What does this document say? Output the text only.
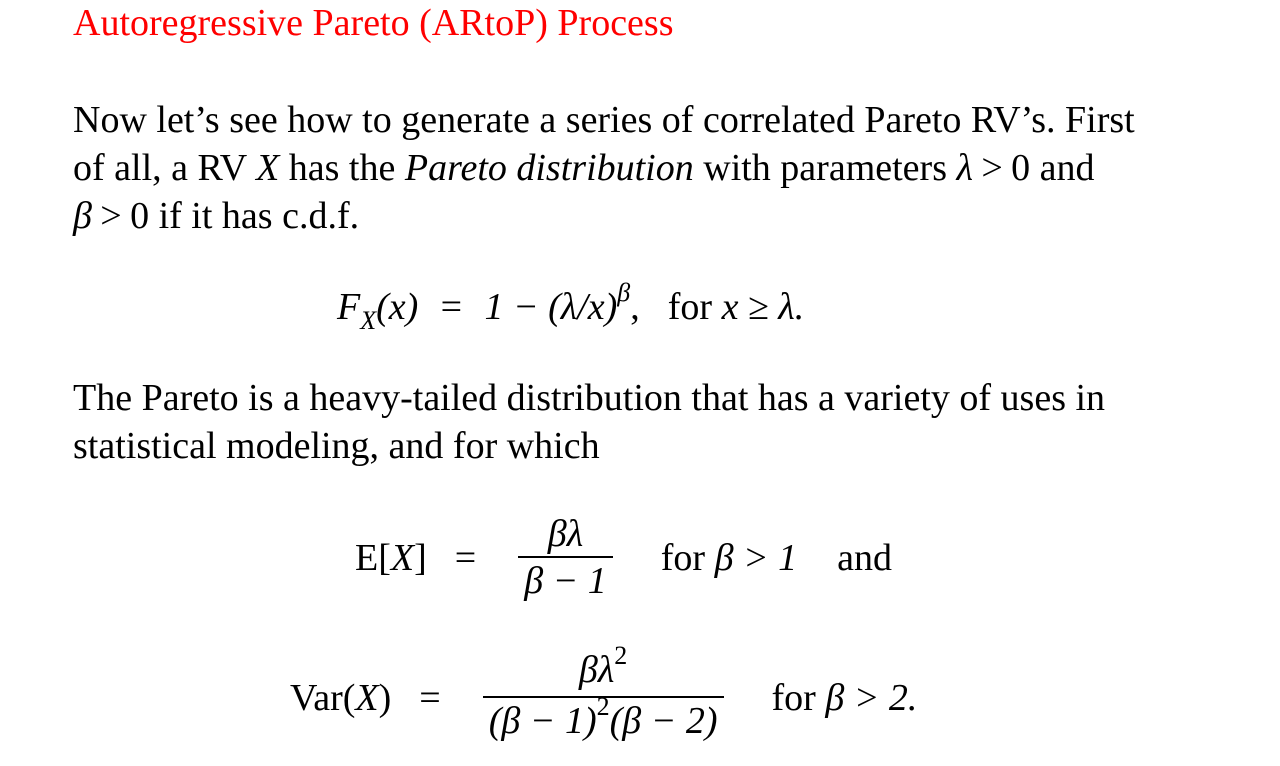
Autoregressive Pareto (ARtoP) Process
Now let’s see how to generate a series of correlated Pareto RV’s. First
of all, a RV X has the Pareto distribution with parameters λ > 0 and
β > 0 if it has c.d.f.
$F_X(x) = 1 - (\lambda/x)^\beta$, for x ≥ λ.
The Pareto is a heavy-tailed distribution that has a variety of uses in
statistical modeling, and for which
$E[X] = \frac{\beta\lambda}{\beta - 1}$ for
β > 1 and
$Var(X) = \frac{\beta\lambda^2}{(\beta - 1)^2(\beta - 2)}$ for
β > 2.
